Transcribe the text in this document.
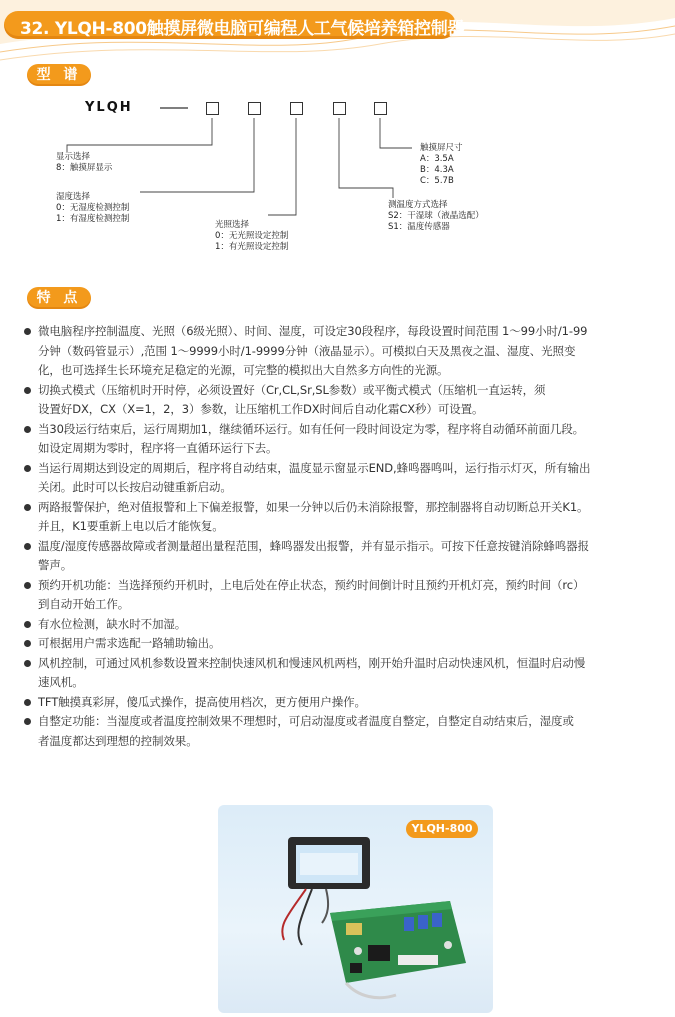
32. YLQH-800触摸屏微电脑可编程人工气候培养箱控制器
型 谱
YLQH
显示选择
8：触摸屏显示
湿度选择
0：无湿度检测控制
1：有湿度检测控制
光照选择
0：无光照设定控制
1：有光照设定控制
测温度方式选择
S2：干湿球（液晶选配）
S1：温度传感器
触摸屏尺寸
A：3.5A
B：4.3A
C：5.7B
特 点
微电脑程序控制温度、光照（6级光照）、时间、湿度，可设定30段程序，每段设置时间范围 1～99小时/1-99
分钟（数码管显示）,范围 1～9999小时/1-9999分钟（液晶显示）。可模拟白天及黑夜之温、湿度、光照变
化，也可选择生长环境充足稳定的光源，可完整的模拟出大自然多方向性的光源。
切换式模式（压缩机时开时停，必须设置好（Cr,CL,Sr,SL参数）或平衡式模式（压缩机一直运转，须
设置好DX，CX（X=1，2，3）参数，让压缩机工作DX时间后自动化霜CX秒）可设置。
当30段运行结束后，运行周期加1，继续循环运行。如有任何一段时间设定为零，程序将自动循环前面几段。
如设定周期为零时，程序将一直循环运行下去。
当运行周期达到设定的周期后，程序将自动结束，温度显示窗显示END,蜂鸣器鸣叫，运行指示灯灭，所有输出
关闭。此时可以长按启动键重新启动。
两路报警保护，绝对值报警和上下偏差报警，如果一分钟以后仍未消除报警，那控制器将自动切断总开关K1。
并且，K1要重新上电以后才能恢复。
温度/湿度传感器故障或者测量超出量程范围，蜂鸣器发出报警，并有显示指示。可按下任意按键消除蜂鸣器报
警声。
预约开机功能：当选择预约开机时，上电后处在停止状态，预约时间倒计时且预约开机灯亮，预约时间（rc）
到自动开始工作。
有水位检测，缺水时不加湿。
可根据用户需求选配一路辅助输出。
风机控制，可通过风机参数设置来控制快速风机和慢速风机两档，刚开始升温时启动快速风机，恒温时启动慢
速风机。
TFT触摸真彩屏，傻瓜式操作，提高使用档次，更方便用户操作。
自整定功能：当湿度或者温度控制效果不理想时，可启动湿度或者温度自整定，自整定自动结束后，湿度或
者温度都达到理想的控制效果。
YLQH-800
